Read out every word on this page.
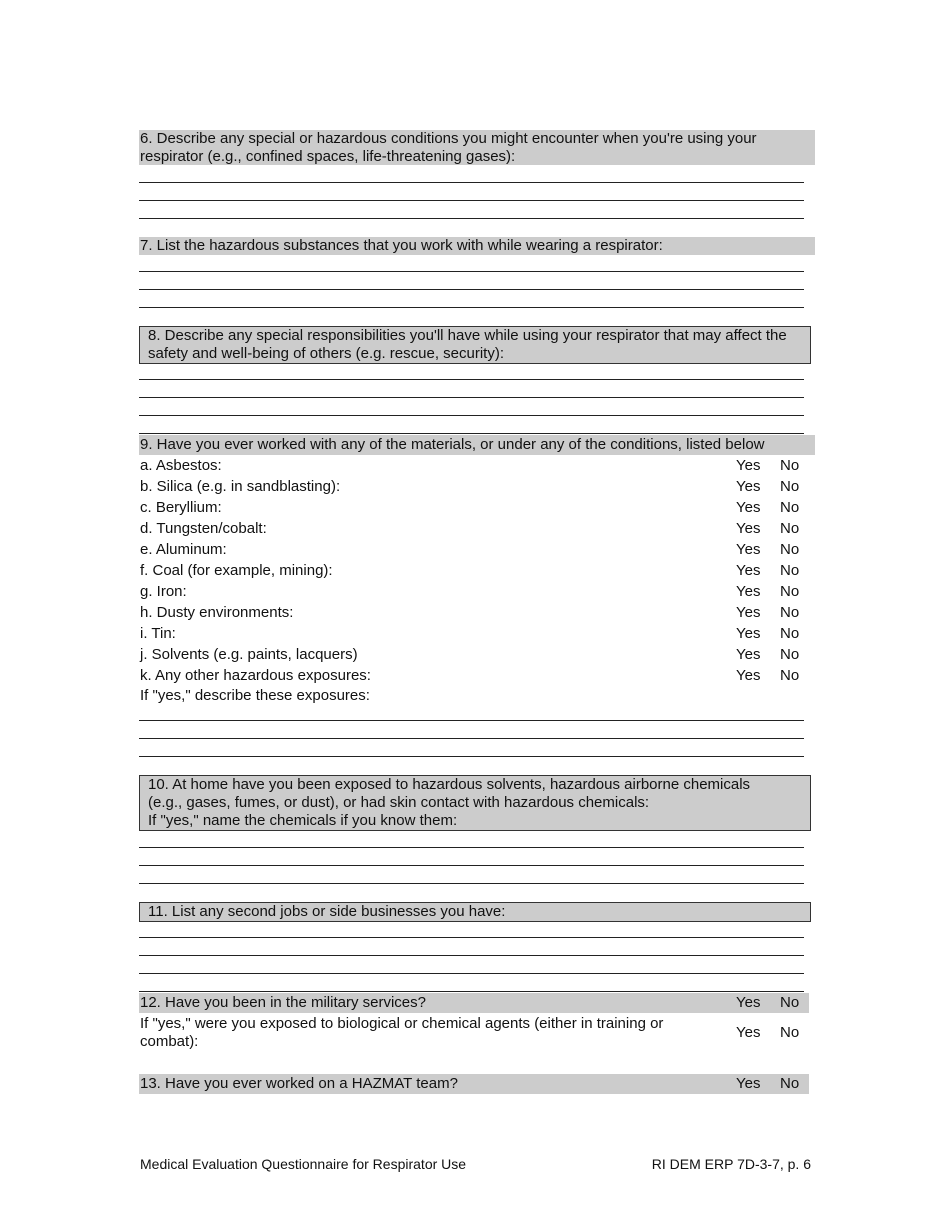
6. Describe any special or hazardous conditions you might encounter when you're using your
respirator (e.g., confined spaces, life-threatening gases):
7. List the hazardous substances that you work with while wearing a respirator:
8. Describe any special responsibilities you'll have while using your respirator that may affect the
safety and well-being of others (e.g. rescue, security):
9. Have you ever worked with any of the materials, or under any of the conditions, listed below
a. Asbestos:	Yes No
b. Silica (e.g. in sandblasting):	Yes No
c. Beryllium:	Yes No
d. Tungsten/cobalt:	Yes No
e. Aluminum:	Yes No
f. Coal (for example, mining):	Yes No
g. Iron:	Yes No
h. Dusty environments:	Yes No
i. Tin:	Yes No
j. Solvents (e.g. paints, lacquers)	Yes No
k. Any other hazardous exposures:	Yes No
If "yes," describe these exposures:
10. At home have you been exposed to hazardous solvents, hazardous airborne chemicals
(e.g., gases, fumes, or dust), or had skin contact with hazardous chemicals:
If "yes," name the chemicals if you know them:
11. List any second jobs or side businesses you have:
12. Have you been in the military services?	Yes No
If "yes," were you exposed to biological or chemical agents (either in training or
combat):
Yes No
13. Have you ever worked on a HAZMAT team?	Yes No
Medical Evaluation Questionnaire for Respirator Use	RI DEM ERP 7D-3-7, p. 6
